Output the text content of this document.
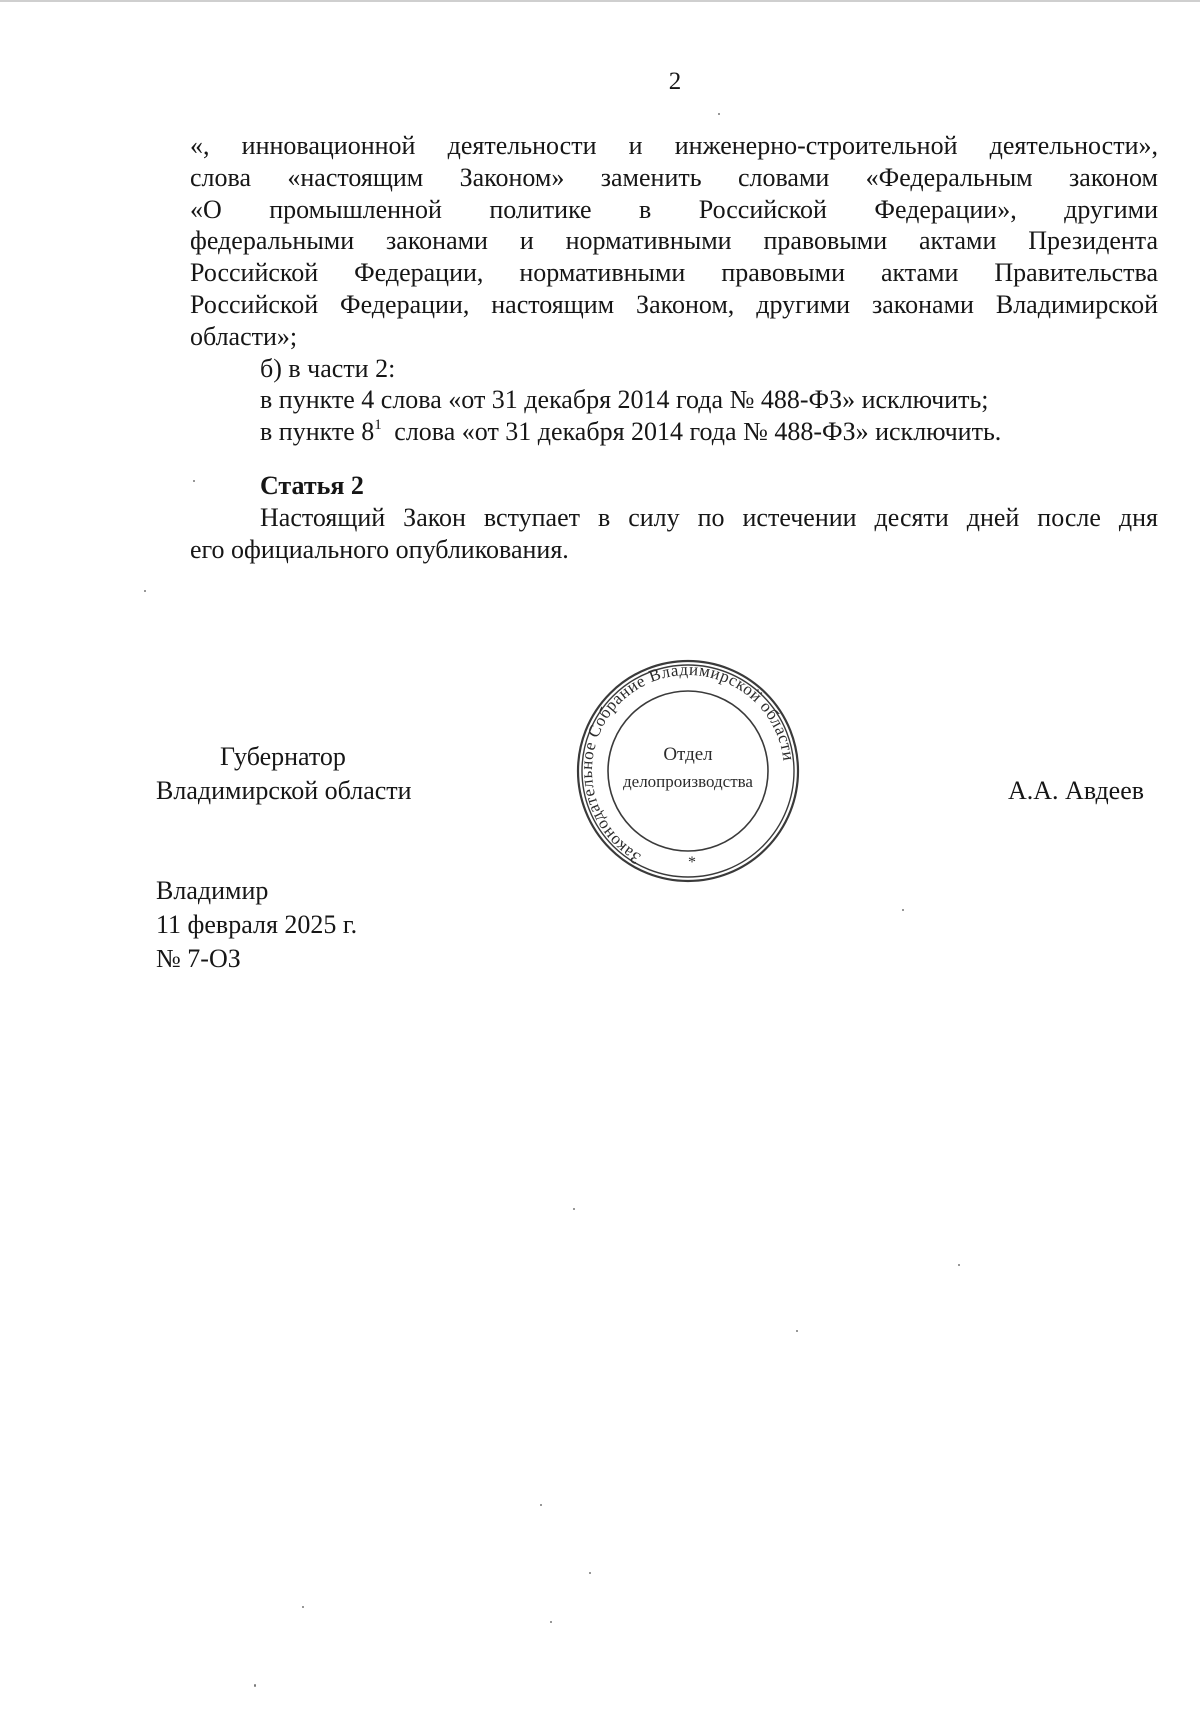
2

«, инновационной деятельности и инженерно-строительной деятельности»,

слова «настоящим Законом» заменить словами «Федеральным законом

«О промышленной политике в Российской Федерации», другими

федеральными законами и нормативными правовыми актами Президента

Российской Федерации, нормативными правовыми актами Правительства

Российской Федерации, настоящим Законом, другими законами Владимирской

области»;

б) в части 2:

в пункте 4 слова «от 31 декабря 2014 года № 488-ФЗ» исключить;

в пункте $8^1$ слова «от 31 декабря 2014 года № 488-ФЗ» исключить.

Статья 2

Настоящий Закон вступает в силу по истечении десяти дней после дня

его официального опубликования.

Губернатор
Владимирской области
Законодательное Собрание Владимирской области
Отдел
делопроизводства
*
А.А. Авдеев
Владимир
11 февраля 2025 г.
№ 7-ОЗ
